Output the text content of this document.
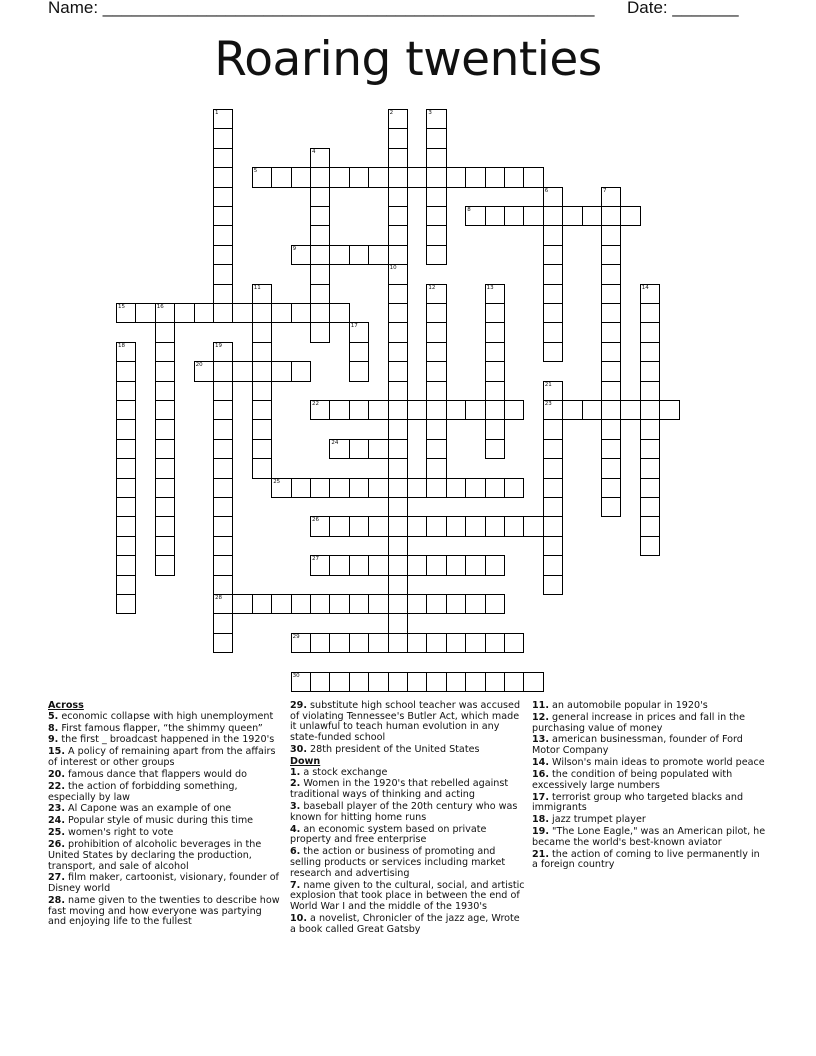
Name: ____________________________________________________ Date: _______
Roaring twenties
1	2	3
4
5
6	7
8
9
10
11	12	13	14
15	16
17
18	19
28
20
21
23
22
24
25
26
27
29
30
Across
5. economic collapse with high unemployment
8. First famous flapper, “the shimmy queen”
9. the first _ broadcast happened in the 1920's
15. A policy of remaining apart from the affairs of interest or other groups
20. famous dance that flappers would do
22. the action of forbidding something, especially by law
23. Al Capone was an example of one
24. Popular style of music during this time
25. women's right to vote
26. prohibition of alcoholic beverages in the United States by declaring the production, transport, and sale of alcohol
27. film maker, cartoonist, visionary, founder of Disney world
28. name given to the twenties to describe how fast moving and how everyone was partying and enjoying life to the fullest
29. substitute high school teacher was accused of violating Tennessee's Butler Act, which made it unlawful to teach human evolution in any state-funded school
30. 28th president of the United States
Down
1. a stock exchange
2. Women in the 1920's that rebelled against traditional ways of thinking and acting
3. baseball player of the 20th century who was known for hitting home runs
4. an economic system based on private property and free enterprise
6. the action or business of promoting and selling products or services including market research and advertising
7. name given to the cultural, social, and artistic explosion that took place in between the end of World War I and the middle of the 1930's
10. a novelist, Chronicler of the jazz age, Wrote a book called Great Gatsby
11. an automobile popular in 1920's
12. general increase in prices and fall in the purchasing value of money
13. american businessman, founder of Ford Motor Company
14. Wilson's main ideas to promote world peace
16. the condition of being populated with excessively large numbers
17. terrorist group who targeted blacks and immigrants
18. jazz trumpet player
19. "The Lone Eagle," was an American pilot, he became the world's best-known aviator
21. the action of coming to live permanently in a foreign country
